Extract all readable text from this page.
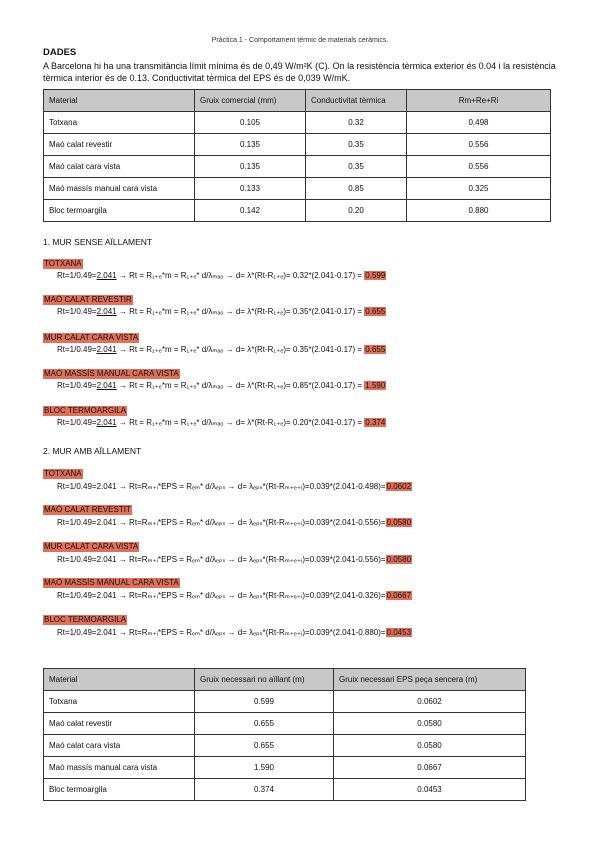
Pràctica 1 - Comportament tèrmic de materials ceràmics.
DADES
A Barcelona hi ha una transmitància límit mínima és de 0,49 W/m²K (C). On la resistència tèrmica exterior és 0.04 i la resistència tèrmica interior és de 0.13. Conductivitat tèrmica del EPS és de 0,039 W/mK.
Material	Gruix comercial (mm)	Conductivitat tèrmica	Rm+Re+Ri
Totxana	0.105	0.32	0.498
Maó calat revestir	0.135	0.35	0.556
Maó calat cara vista	0.135	0.35	0.556
Maó massís manual cara vista	0.133	0.85	0.325
Bloc termoargila	0.142	0.20	0.880
1. MUR SENSE AÏLLAMENT
TOTXANA
Rt=1/0.49=2.041 → Rt = R₁₊ₑ*m = R₁₊ₑ* d/λₘₐₒ → d= λ*(Rt-R₁₊ₑ)= 0.32*(2.041-0.17) = 0.599
MAÓ CALAT REVESTIR
Rt=1/0.49=2.041 → Rt = R₁₊ₑ*m = R₁₊ₑ* d/λₘₐₒ → d= λ*(Rt-R₁₊ₑ)= 0.35*(2.041-0.17) = 0.655
MUR CALAT CARA VISTA
Rt=1/0.49=2.041 → Rt = R₁₊ₑ*m = R₁₊ₑ* d/λₘₐₒ → d= λ*(Rt-R₁₊ₑ)= 0.35*(2.041-0.17) = 0.655
MAÓ MASSÍS MANUAL CARA VISTA
Rt=1/0.49=2.041 → Rt = R₁₊ₑ*m = R₁₊ₑ* d/λₘₐₒ → d= λ*(Rt-R₁₊ₑ)= 0.85*(2.041-0.17) = 1.590
BLOC TERMOARGILA
Rt=1/0.49=2.041 → Rt = R₁₊ₑ*m = R₁₊ₑ* d/λₘₐₒ → d= λ*(Rt-R₁₊ₑ)= 0.20*(2.041-0.17) = 0.374
2. MUR AMB AÏLLAMENT
TOTXANA
Rt=1/0.49=2.041 → Rt=Rₘ₊ᵢ*EPS = Rₑₘ* d/λₑₚₛ → d= λₑₚₛ*(Rt-Rₘ₊ₑ₊ᵢ)=0.039*(2.041-0.498)=0.0602
MAÓ CALAT REVESTIT
Rt=1/0.49=2.041 → Rt=Rₘ₊ᵢ*EPS = Rₑₘ* d/λₑₚₛ → d= λₑₚₛ*(Rt-Rₘ₊ₑ₊ᵢ)=0.039*(2.041-0.556)=0.0580
MUR CALAT CARA VISTA
Rt=1/0.49=2.041 → Rt=Rₘ₊ᵢ*EPS = Rₑₘ* d/λₑₚₛ → d= λₑₚₛ*(Rt-Rₘ₊ₑ₊ᵢ)=0.039*(2.041-0.556)=0.0580
MAÓ MASSÍS MANUAL CARA VISTA
Rt=1/0.49=2.041 → Rt=Rₘ₊ᵢ*EPS = Rₑₘ* d/λₑₚₛ → d= λₑₚₛ*(Rt-Rₘ₊ₑ₊ᵢ)=0.039*(2.041-0.326)=0.0667
BLOC TERMOARGILA
Rt=1/0.49=2.041 → Rt=Rₘ₊ᵢ*EPS = Rₑₘ* d/λₑₚₛ → d= λₑₚₛ*(Rt-Rₘ₊ₑ₊ᵢ)=0.039*(2.041-0.880)=0.0453
Material	Gruix necessari no aïllant (m)	Gruix necessari EPS peça sencera (m)
Totxana	0.599	0.0602
Maó calat revestir	0.655	0.0580
Maó calat cara vista	0.655	0.0580
Maó massís manual cara vista	1.590	0.0667
Bloc termoargila	0.374	0.0453
